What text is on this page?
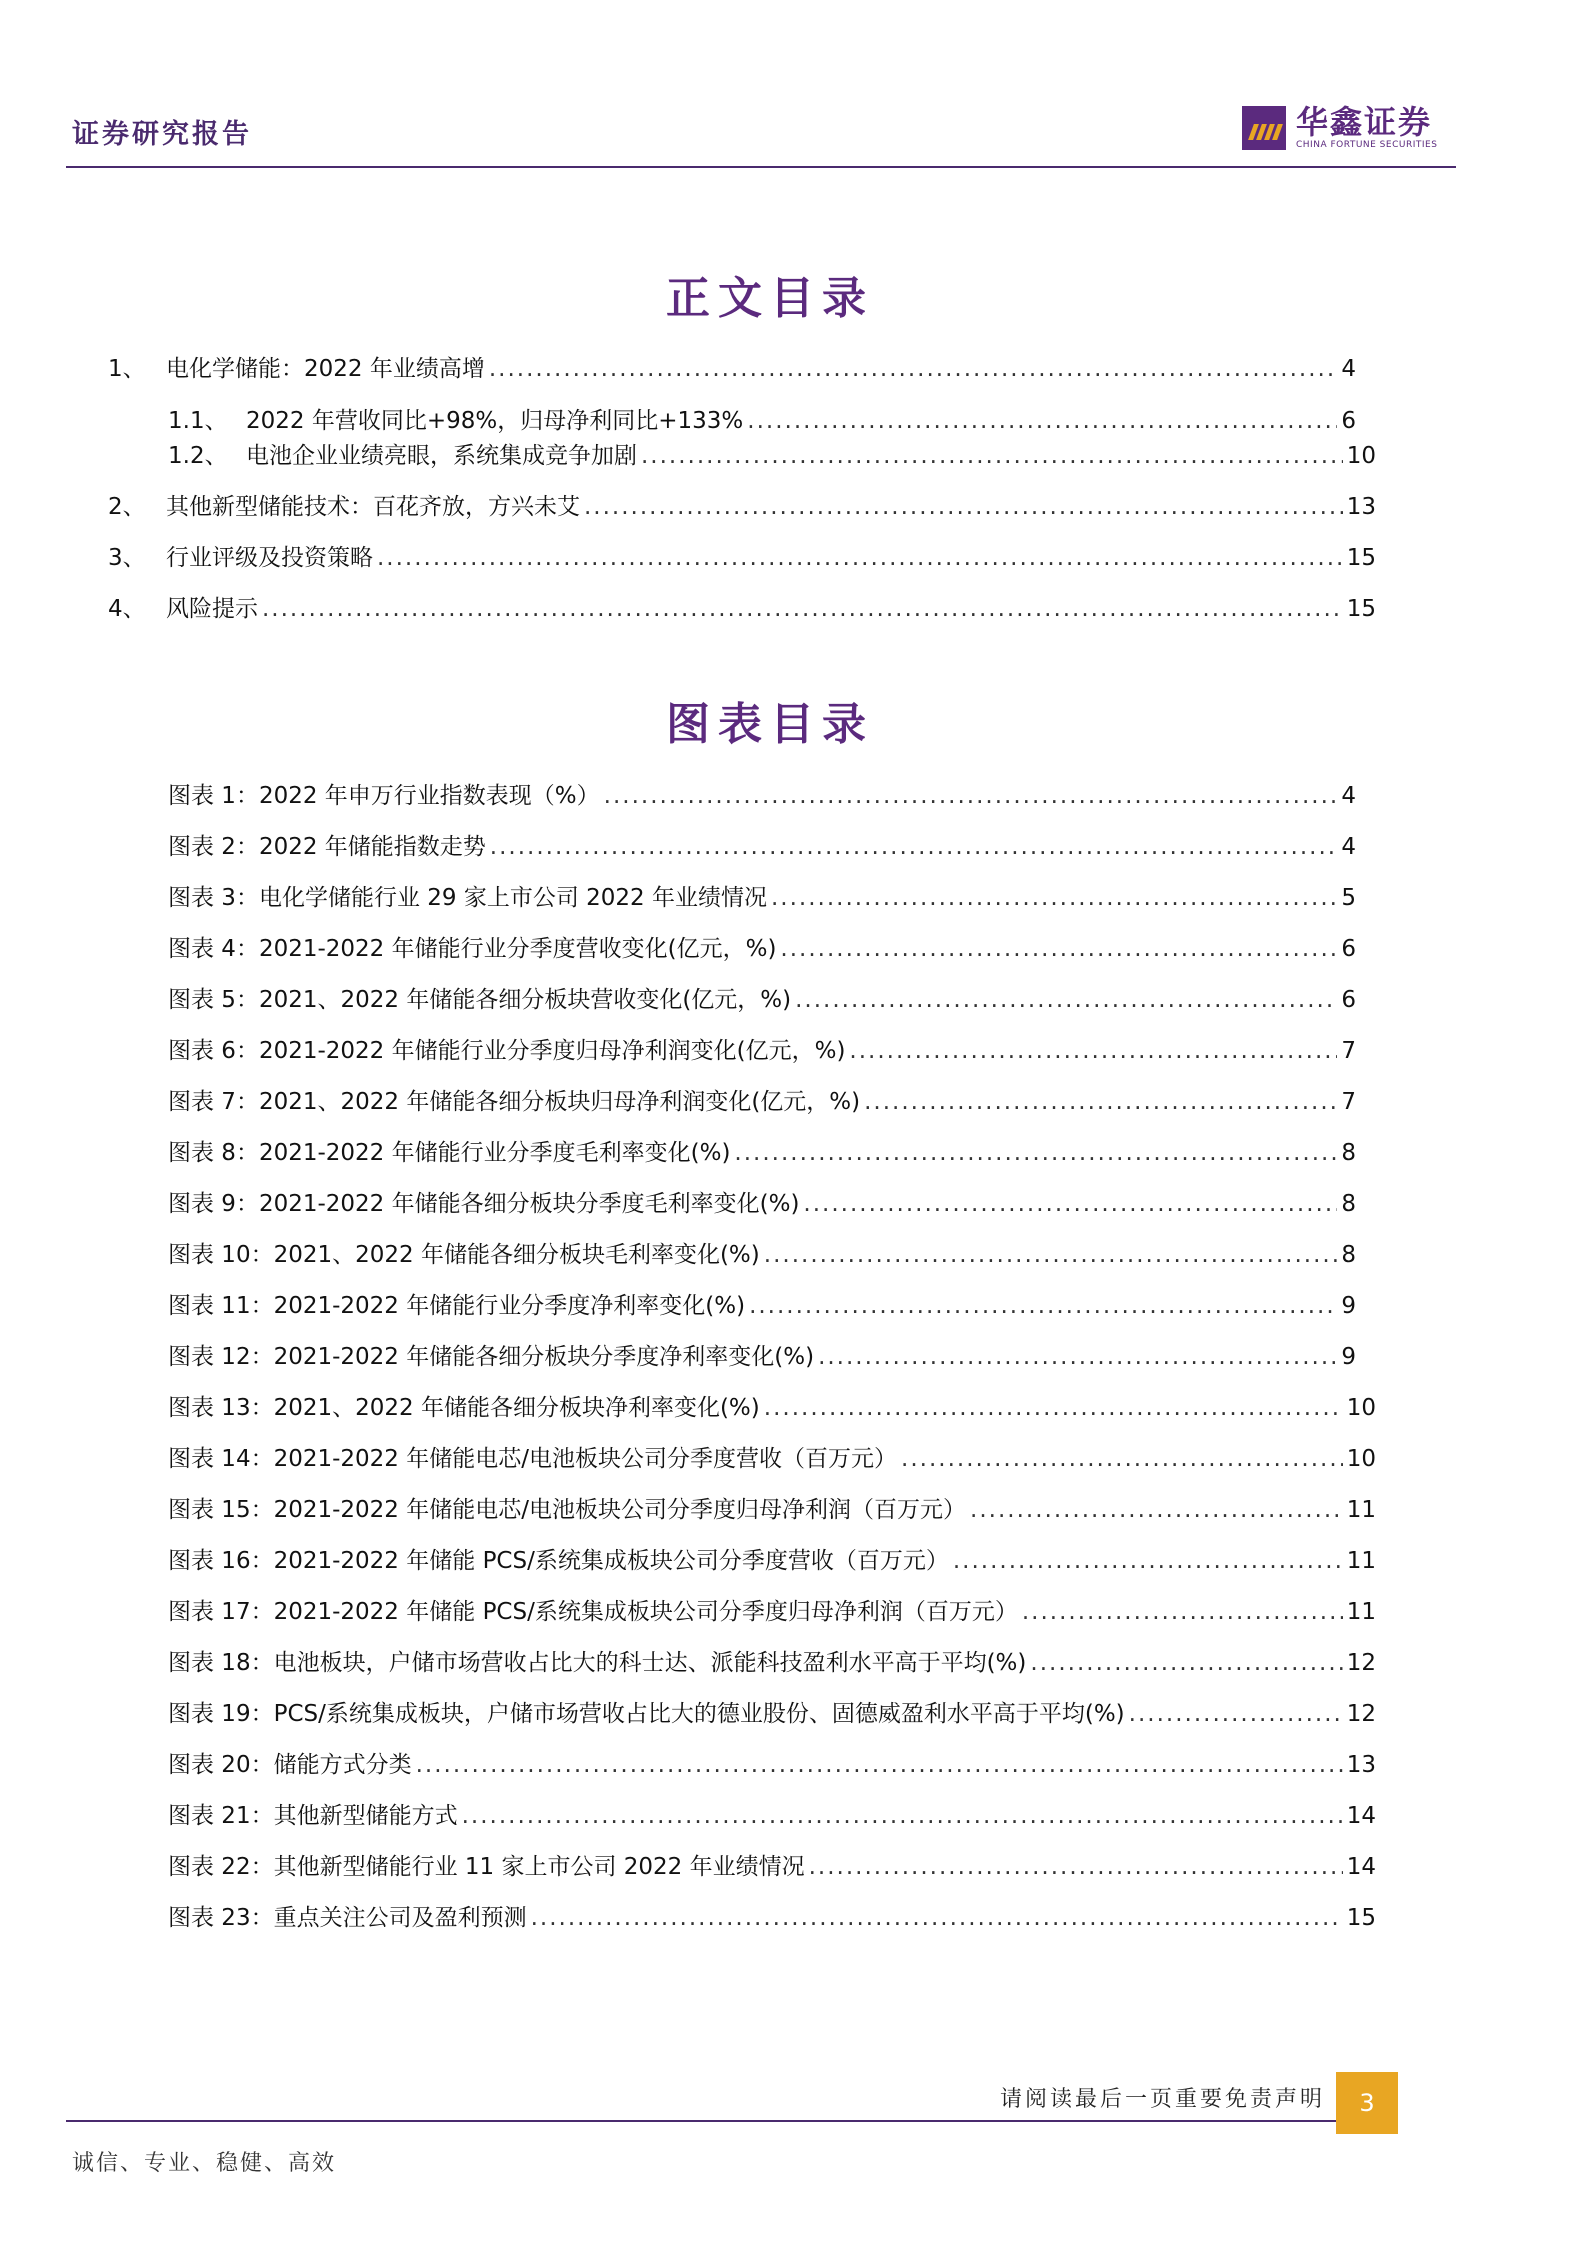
证券研究报告	华鑫证券
CHINA FORTUNE SECURITIES
正文目录
1、 电化学储能：2022 年业绩高增 .....	4
1.1、 2022 年营收同比+98%，归母净利同比+133% .....	6
1.2、 电池企业业绩亮眼，系统集成竞争加剧 .....	10
2、 其他新型储能技术：百花齐放，方兴未艾 .....	13
3、 行业评级及投资策略 .....	15
4、 风险提示 .....	15
图表目录
图表 1：2022 年申万行业指数表现（%） .....	4
图表 2：2022 年储能指数走势 .....	4
图表 3：电化学储能行业 29 家上市公司 2022 年业绩情况 .....	5
图表 4：2021-2022 年储能行业分季度营收变化(亿元，%) .....	6
图表 5：2021、2022 年储能各细分板块营收变化(亿元，%) .....	6
图表 6：2021-2022 年储能行业分季度归母净利润变化(亿元，%) .....	7
图表 7：2021、2022 年储能各细分板块归母净利润变化(亿元，%) .....	7
图表 8：2021-2022 年储能行业分季度毛利率变化(%) .....	8
图表 9：2021-2022 年储能各细分板块分季度毛利率变化(%) .....	8
图表 10：2021、2022 年储能各细分板块毛利率变化(%) .....	8
图表 11：2021-2022 年储能行业分季度净利率变化(%) .....	9
图表 12：2021-2022 年储能各细分板块分季度净利率变化(%) .....	9
图表 13：2021、2022 年储能各细分板块净利率变化(%) .....	10
图表 14：2021-2022 年储能电芯/电池板块公司分季度营收（百万元） .....	10
图表 15：2021-2022 年储能电芯/电池板块公司分季度归母净利润（百万元） .....	11
图表 16：2021-2022 年储能 PCS/系统集成板块公司分季度营收（百万元） .....	11
图表 17：2021-2022 年储能 PCS/系统集成板块公司分季度归母净利润（百万元） .....	11
图表 18：电池板块，户储市场营收占比大的科士达、派能科技盈利水平高于平均(%) .....	12
图表 19：PCS/系统集成板块，户储市场营收占比大的德业股份、固德威盈利水平高于平均(%) .....	12
图表 20：储能方式分类 .....	13
图表 21：其他新型储能方式 .....	14
图表 22：其他新型储能行业 11 家上市公司 2022 年业绩情况 .....	14
图表 23：重点关注公司及盈利预测 .....	15
请阅读最后一页重要免责声明	3
诚信、专业、稳健、高效
